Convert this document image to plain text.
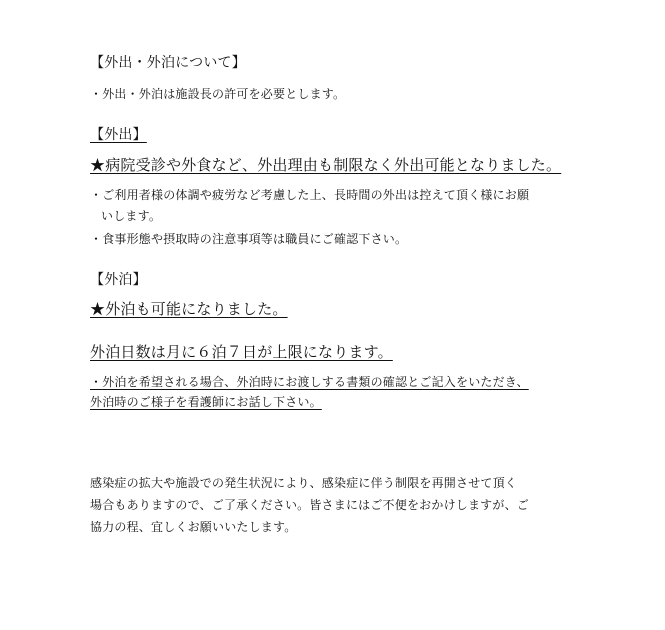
【外出・外泊について】
・外出・外泊は施設長の許可を必要とします。
【外出】
★病院受診や外食など、外出理由も制限なく外出可能となりました。
・ご利用者様の体調や疲労など考慮した上、長時間の外出は控えて頂く様にお願
いします。
・食事形態や摂取時の注意事項等は職員にご確認下さい。
【外泊】
★外泊も可能になりました。
外泊日数は月に６泊７日が上限になります。
・外泊を希望される場合、外泊時にお渡しする書類の確認とご記入をいただき、
外泊時のご様子を看護師にお話し下さい。
感染症の拡大や施設での発生状況により、感染症に伴う制限を再開させて頂く
場合もありますので、ご了承ください。皆さまにはご不便をおかけしますが、ご
協力の程、宜しくお願いいたします。
